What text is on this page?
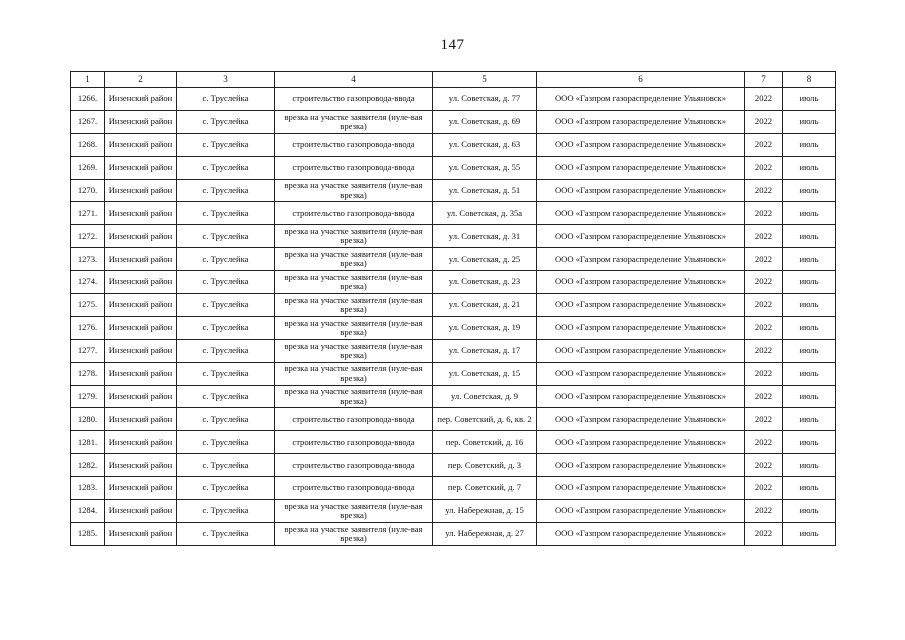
147
1	2	3	4	5	6	7	8
1266.	Инзенский район	с. Труслейка	строительство газопровода-ввода	ул. Советская, д. 77	ООО «Газпром газораспределение Ульяновск»	2022	июль
1267.	Инзенский район	с. Труслейка	врезка на участке заявителя (нуле-вая врезка)	ул. Советская, д. 69	ООО «Газпром газораспределение Ульяновск»	2022	июль
1268.	Инзенский район	с. Труслейка	строительство газопровода-ввода	ул. Советская, д. 63	ООО «Газпром газораспределение Ульяновск»	2022	июль
1269.	Инзенский район	с. Труслейка	строительство газопровода-ввода	ул. Советская, д. 55	ООО «Газпром газораспределение Ульяновск»	2022	июль
1270.	Инзенский район	с. Труслейка	врезка на участке заявителя (нуле-вая врезка)	ул. Советская, д. 51	ООО «Газпром газораспределение Ульяновск»	2022	июль
1271.	Инзенский район	с. Труслейка	строительство газопровода-ввода	ул. Советская, д. 35а	ООО «Газпром газораспределение Ульяновск»	2022	июль
1272.	Инзенский район	с. Труслейка	врезка на участке заявителя (нуле-вая врезка)	ул. Советская, д. 31	ООО «Газпром газораспределение Ульяновск»	2022	июль
1273.	Инзенский район	с. Труслейка	врезка на участке заявителя (нуле-вая врезка)	ул. Советская, д. 25	ООО «Газпром газораспределение Ульяновск»	2022	июль
1274.	Инзенский район	с. Труслейка	врезка на участке заявителя (нуле-вая врезка)	ул. Советская, д. 23	ООО «Газпром газораспределение Ульяновск»	2022	июль
1275.	Инзенский район	с. Труслейка	врезка на участке заявителя (нуле-вая врезка)	ул. Советская, д. 21	ООО «Газпром газораспределение Ульяновск»	2022	июль
1276.	Инзенский район	с. Труслейка	врезка на участке заявителя (нуле-вая врезка)	ул. Советская, д. 19	ООО «Газпром газораспределение Ульяновск»	2022	июль
1277.	Инзенский район	с. Труслейка	врезка на участке заявителя (нуле-вая врезка)	ул. Советская, д. 17	ООО «Газпром газораспределение Ульяновск»	2022	июль
1278.	Инзенский район	с. Труслейка	врезка на участке заявителя (нуле-вая врезка)	ул. Советская, д. 15	ООО «Газпром газораспределение Ульяновск»	2022	июль
1279.	Инзенский район	с. Труслейка	врезка на участке заявителя (нуле-вая врезка)	ул. Советская, д. 9	ООО «Газпром газораспределение Ульяновск»	2022	июль
1280.	Инзенский район	с. Труслейка	строительство газопровода-ввода	пер. Советский, д. 6, кв. 2	ООО «Газпром газораспределение Ульяновск»	2022	июль
1281.	Инзенский район	с. Труслейка	строительство газопровода-ввода	пер. Советский, д. 16	ООО «Газпром газораспределение Ульяновск»	2022	июль
1282.	Инзенский район	с. Труслейка	строительство газопровода-ввода	пер. Советский, д. 3	ООО «Газпром газораспределение Ульяновск»	2022	июль
1283.	Инзенский район	с. Труслейка	строительство газопровода-ввода	пер. Советский, д. 7	ООО «Газпром газораспределение Ульяновск»	2022	июль
1284.	Инзенский район	с. Труслейка	врезка на участке заявителя (нуле-вая врезка)	ул. Набережная, д. 15	ООО «Газпром газораспределение Ульяновск»	2022	июль
1285.	Инзенский район	с. Труслейка	врезка на участке заявителя (нуле-вая врезка)	ул. Набережная, д. 27	ООО «Газпром газораспределение Ульяновск»	2022	июль
